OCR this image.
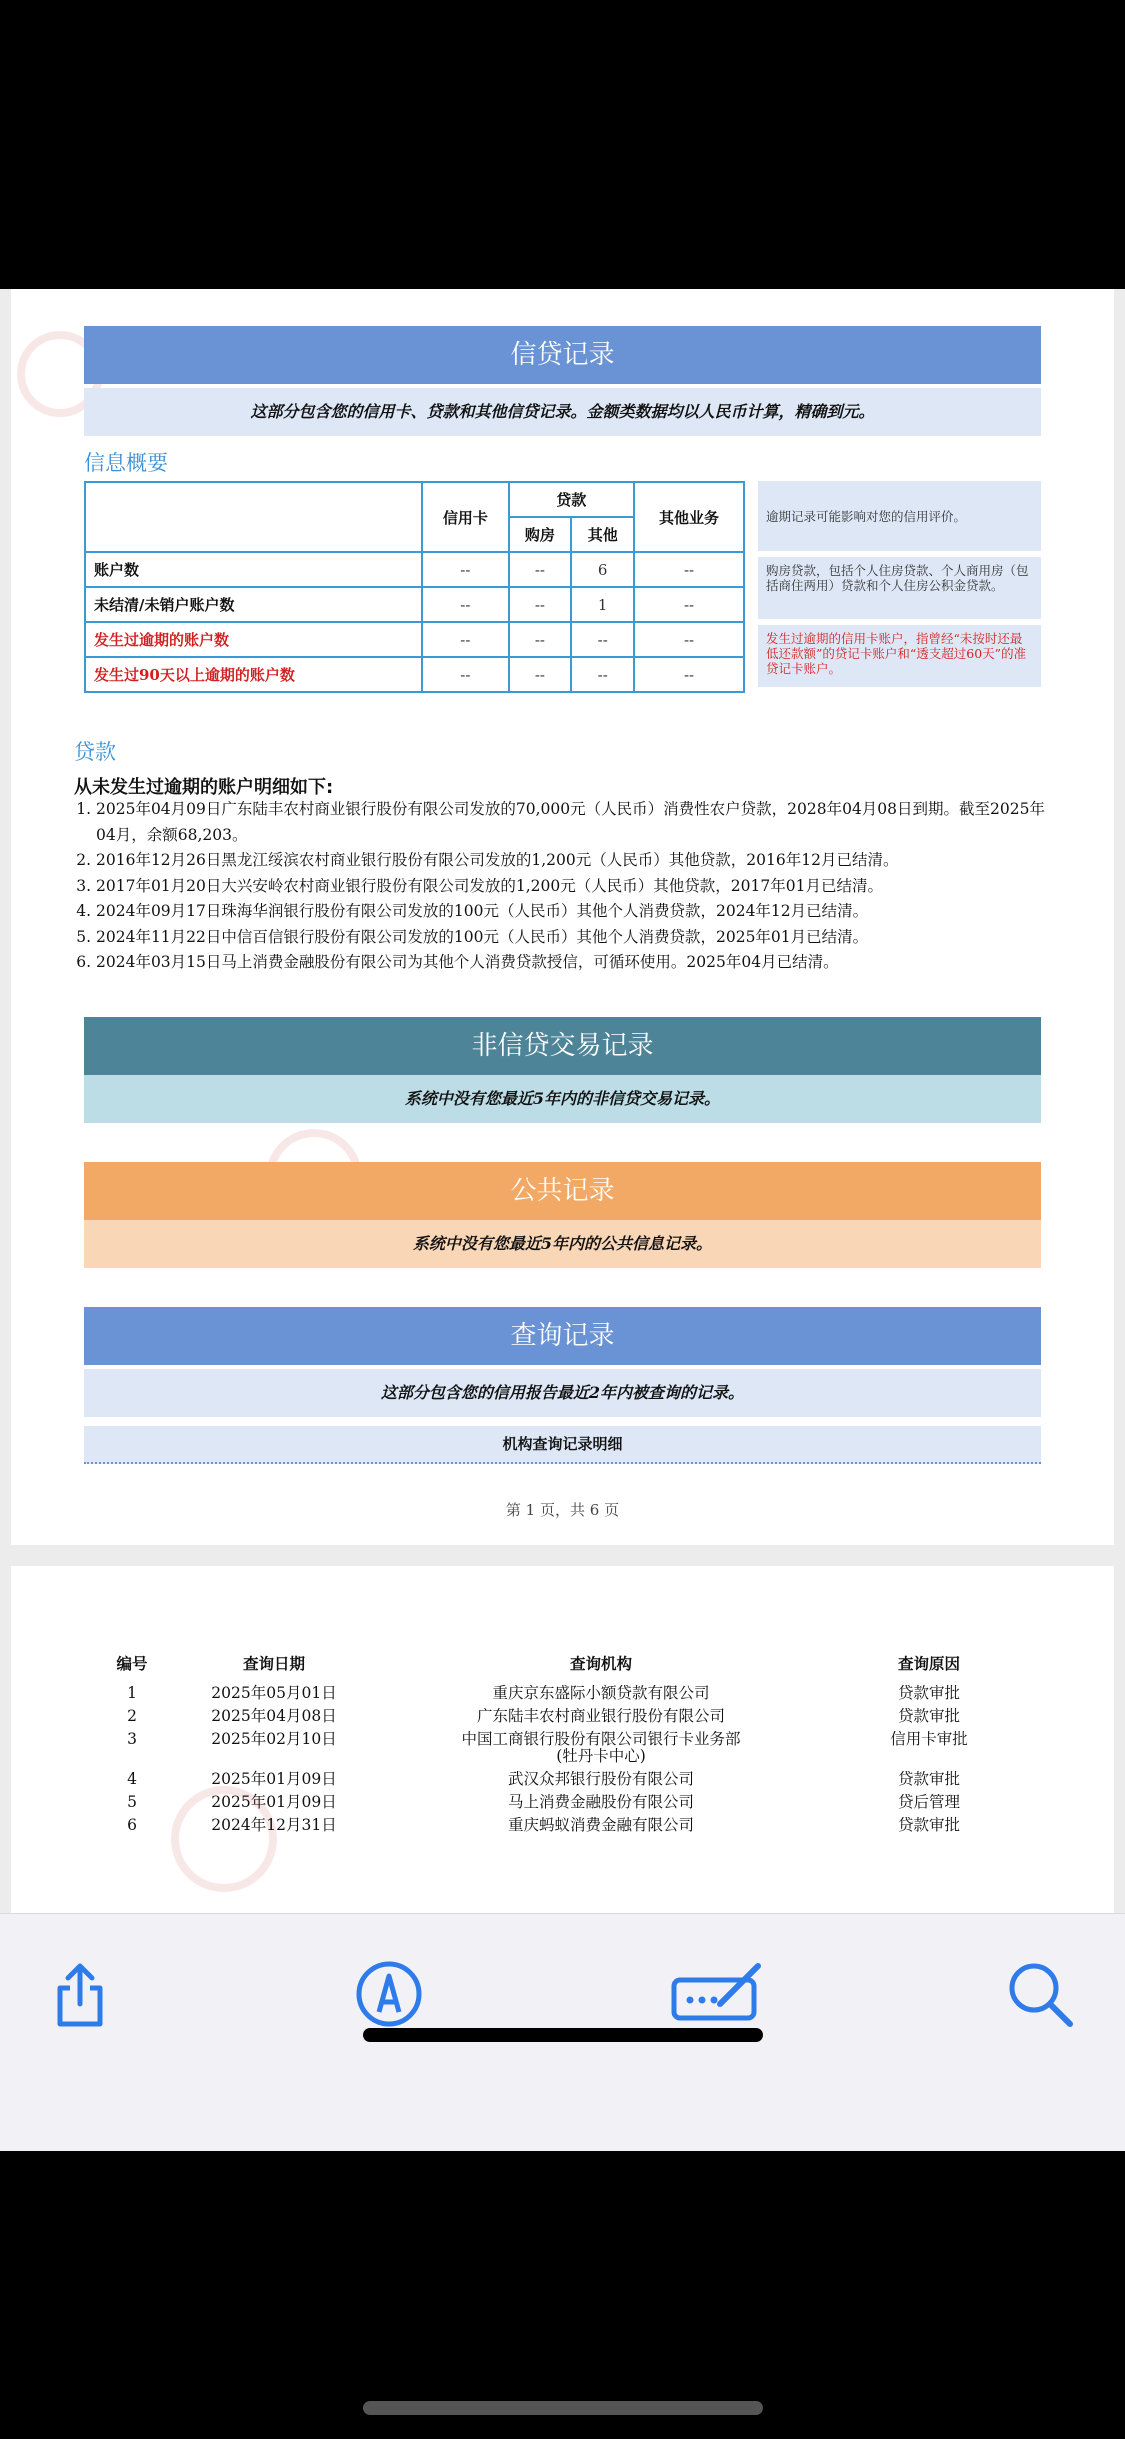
信贷记录
这部分包含您的信用卡、贷款和其他信贷记录。金额类数据均以人民币计算，精确到元。
信息概要
	信用卡	贷款		其他业务
		购房	其他	
账户数	--	--	6	--
未结清/未销户账户数	--	--	1	--
发生过逾期的账户数	--	--	--	--
发生过90天以上逾期的账户数	--	--	--	--
逾期记录可能影响对您的信用评价。
购房贷款，包括个人住房贷款、个人商用房（包括商住两用）贷款和个人住房公积金贷款。
发生过逾期的信用卡账户，指曾经“未按时还最低还款额”的贷记卡账户和“透支超过60天”的准贷记卡账户。
贷款
从未发生过逾期的账户明细如下:
1. 2025年04月09日广东陆丰农村商业银行股份有限公司发放的70,000元（人民币）消费性农户贷款，2028年04月08日到期。截至2025年04月，余额68,203。
2. 2016年12月26日黑龙江绥滨农村商业银行股份有限公司发放的1,200元（人民币）其他贷款，2016年12月已结清。
3. 2017年01月20日大兴安岭农村商业银行股份有限公司发放的1,200元（人民币）其他贷款，2017年01月已结清。
4. 2024年09月17日珠海华润银行股份有限公司发放的100元（人民币）其他个人消费贷款，2024年12月已结清。
5. 2024年11月22日中信百信银行股份有限公司发放的100元（人民币）其他个人消费贷款，2025年01月已结清。
6. 2024年03月15日马上消费金融股份有限公司为其他个人消费贷款授信，可循环使用。2025年04月已结清。
非信贷交易记录
系统中没有您最近5年内的非信贷交易记录。
公共记录
系统中没有您最近5年内的公共信息记录。
查询记录
这部分包含您的信用报告最近2年内被查询的记录。
机构查询记录明细
第 1 页，共 6 页
编号	查询日期	查询机构	查询原因
1	2025年05月01日	重庆京东盛际小额贷款有限公司	贷款审批
2	2025年04月08日	广东陆丰农村商业银行股份有限公司	贷款审批
3	2025年02月10日	中国工商银行股份有限公司银行卡业务部(牡丹卡中心)	信用卡审批
4	2025年01月09日	武汉众邦银行股份有限公司	贷款审批
5	2025年01月09日	马上消费金融股份有限公司	贷后管理
6	2024年12月31日	重庆蚂蚁消费金融有限公司	贷款审批
